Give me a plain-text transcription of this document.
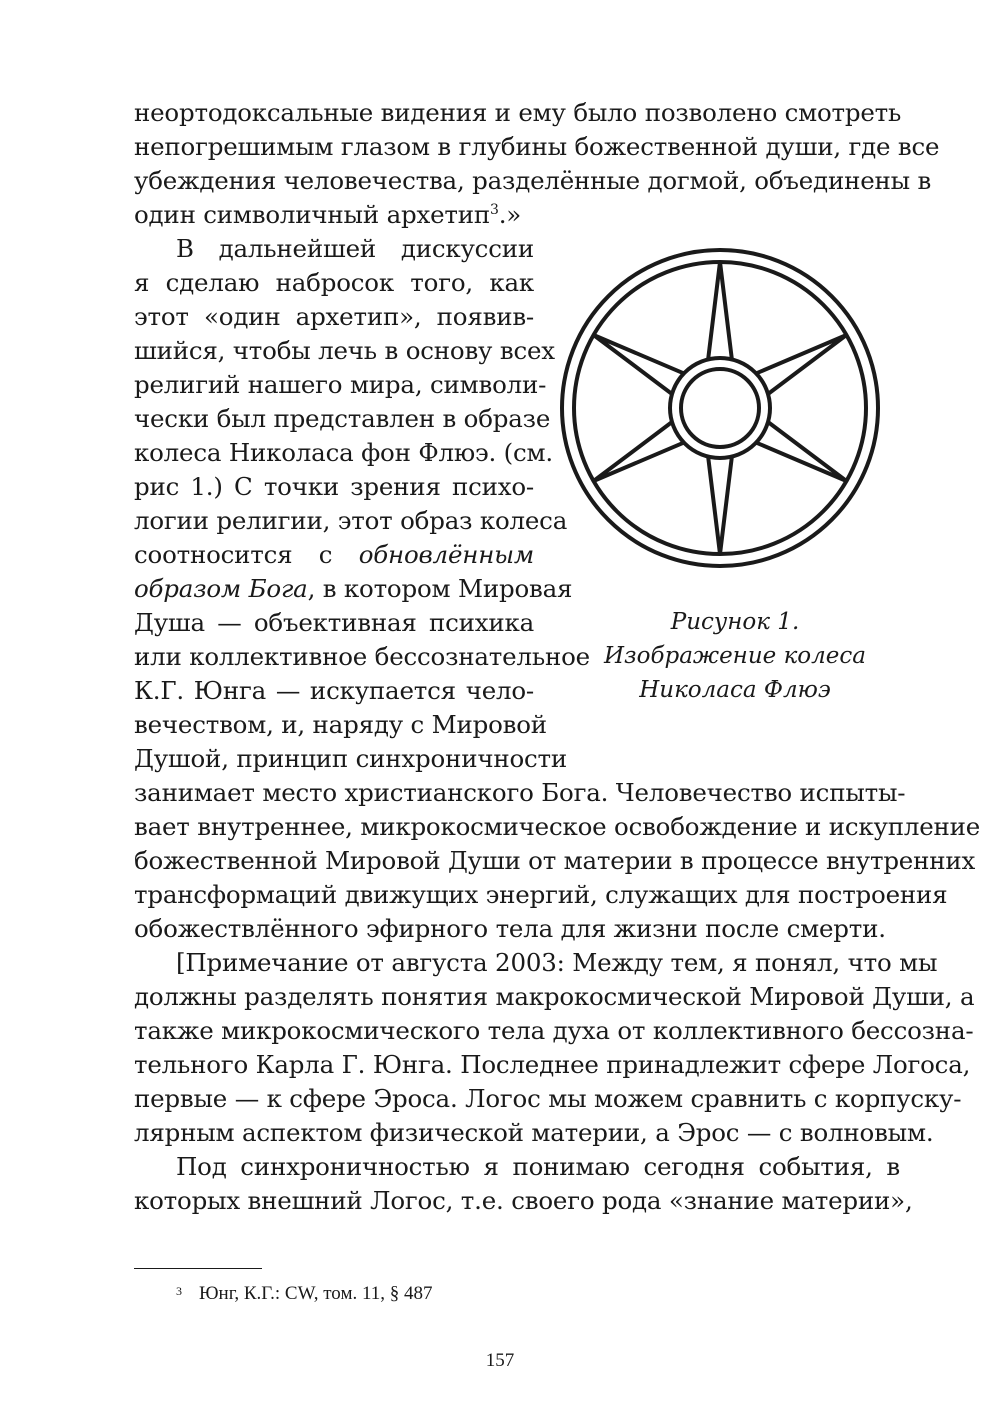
неортодоксальные видения и ему было позволено смотреть
непогрешимым глазом в глубины божественной души, где все
убеждения человечества, разделённые догмой, объединены в
один символичный архетип$^3$.»
В дальнейшей дискуссии
я сделаю набросок того, как
этот «один архетип», появив-
шийся, чтобы лечь в основу всех
религий нашего мира, символи-
чески был представлен в образе
колеса Николаса фон Флюэ. (см.
рис 1.) С точки зрения психо-
логии религии, этот образ колеса
соотносится с обновлённым
образом Бога, в котором Мировая
Душа — объективная психика
или коллективное бессознательное
К.Г. Юнга — искупается чело-
вечеством, и, наряду с Мировой
Душой, принцип синхроничности
занимает место христианского Бога. Человечество испыты-
вает внутреннее, микрокосмическое освобождение и искупление
божественной Мировой Души от материи в процессе внутренних
трансформаций движущих энергий, служащих для построения
обожествлённого эфирного тела для жизни после смерти.
[Примечание от августа 2003: Между тем, я понял, что мы
должны разделять понятия макрокосмической Мировой Души, а
также микрокосмического тела духа от коллективного бессозна-
тельного Карла Г. Юнга. Последнее принадлежит сфере Логоса,
первые — к сфере Эроса. Логос мы можем сравнить с корпуску-
лярным аспектом физической материи, а Эрос — с волновым.
Под синхроничностью я понимаю сегодня события, в
которых внешний Логос, т.е. своего рода «знание материи»,
Рисунок 1.
Изображение колеса
Николаса Флюэ
3 Юнг, К.Г.: CW, том. 11, § 487
157
